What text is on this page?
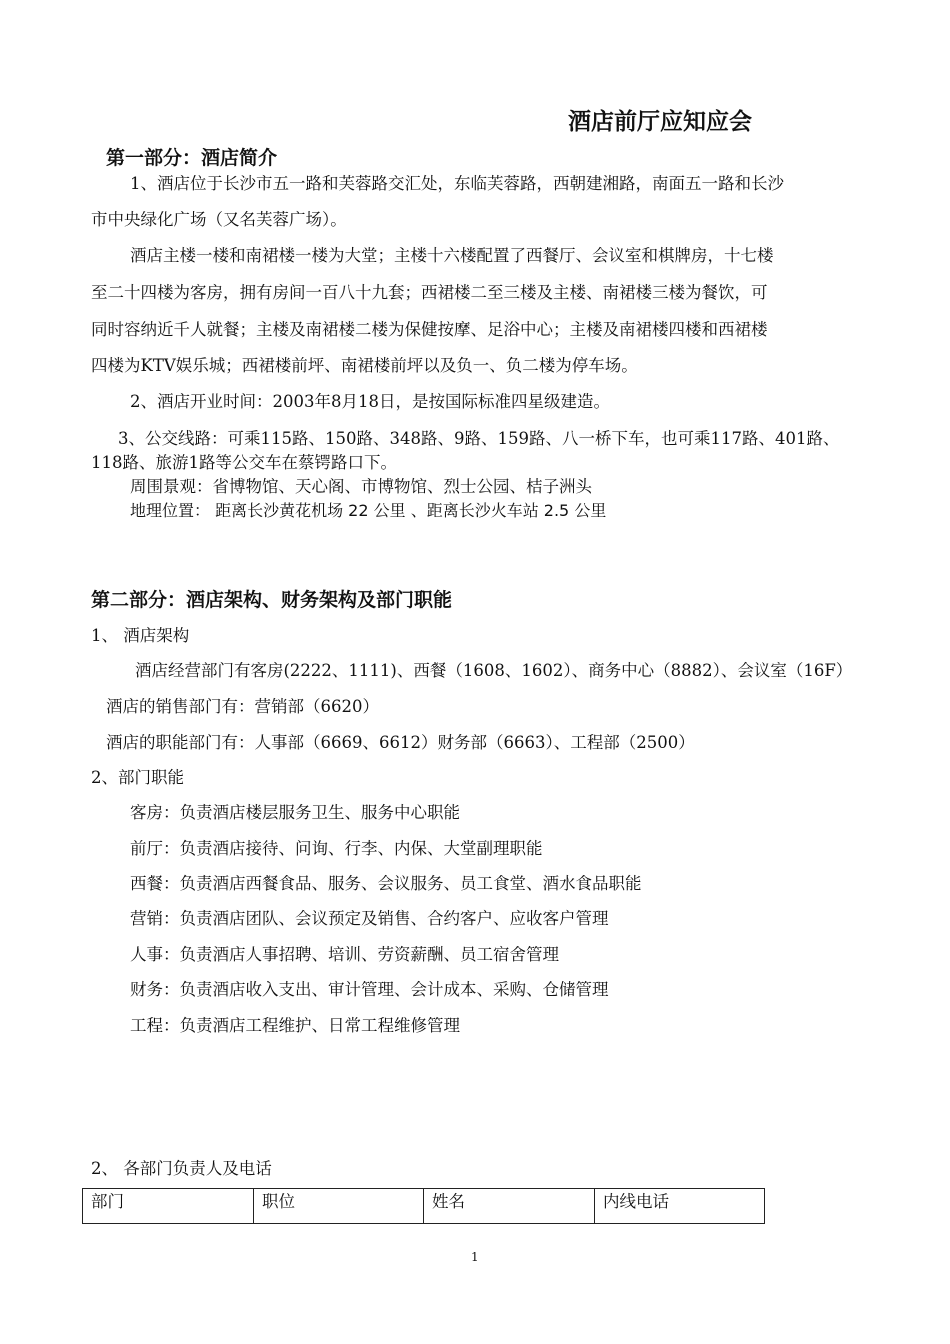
酒店前厅应知应会
第一部分：酒店简介
1、酒店位于长沙市五一路和芙蓉路交汇处，东临芙蓉路，西朝建湘路，南面五一路和长沙
市中央绿化广场（又名芙蓉广场）。
酒店主楼一楼和南裙楼一楼为大堂；主楼十六楼配置了西餐厅、会议室和棋牌房，十七楼
至二十四楼为客房，拥有房间一百八十九套；西裙楼二至三楼及主楼、南裙楼三楼为餐饮，可
同时容纳近千人就餐；主楼及南裙楼二楼为保健按摩、足浴中心；主楼及南裙楼四楼和西裙楼
四楼为KTV娱乐城；西裙楼前坪、南裙楼前坪以及负一、负二楼为停车场。
2、酒店开业时间：2003年8月18日，是按国际标准四星级建造。
3、公交线路：可乘115路、150路、348路、9路、159路、八一桥下车，也可乘117路、401路、
118路、旅游1路等公交车在蔡锷路口下。
周围景观：省博物馆、天心阁、市博物馆、烈士公园、桔子洲头
地理位置： 距离长沙黄花机场 22 公里 、距离长沙火车站 2.5 公里
第二部分：酒店架构、财务架构及部门职能
1、 酒店架构
酒店经营部门有客房(2222、1111)、西餐（1608、1602）、商务中心（8882）、会议室（16F）
酒店的销售部门有：营销部（6620）
酒店的职能部门有：人事部（6669、6612）财务部（6663）、工程部（2500）
2、部门职能
客房：负责酒店楼层服务卫生、服务中心职能
前厅：负责酒店接待、问询、行李、内保、大堂副理职能
西餐：负责酒店西餐食品、服务、会议服务、员工食堂、酒水食品职能
营销：负责酒店团队、会议预定及销售、合约客户、应收客户管理
人事：负责酒店人事招聘、培训、劳资薪酬、员工宿舍管理
财务：负责酒店收入支出、审计管理、会计成本、采购、仓储管理
工程：负责酒店工程维护、日常工程维修管理
2、 各部门负责人及电话
部门	职位	姓名	内线电话
1
